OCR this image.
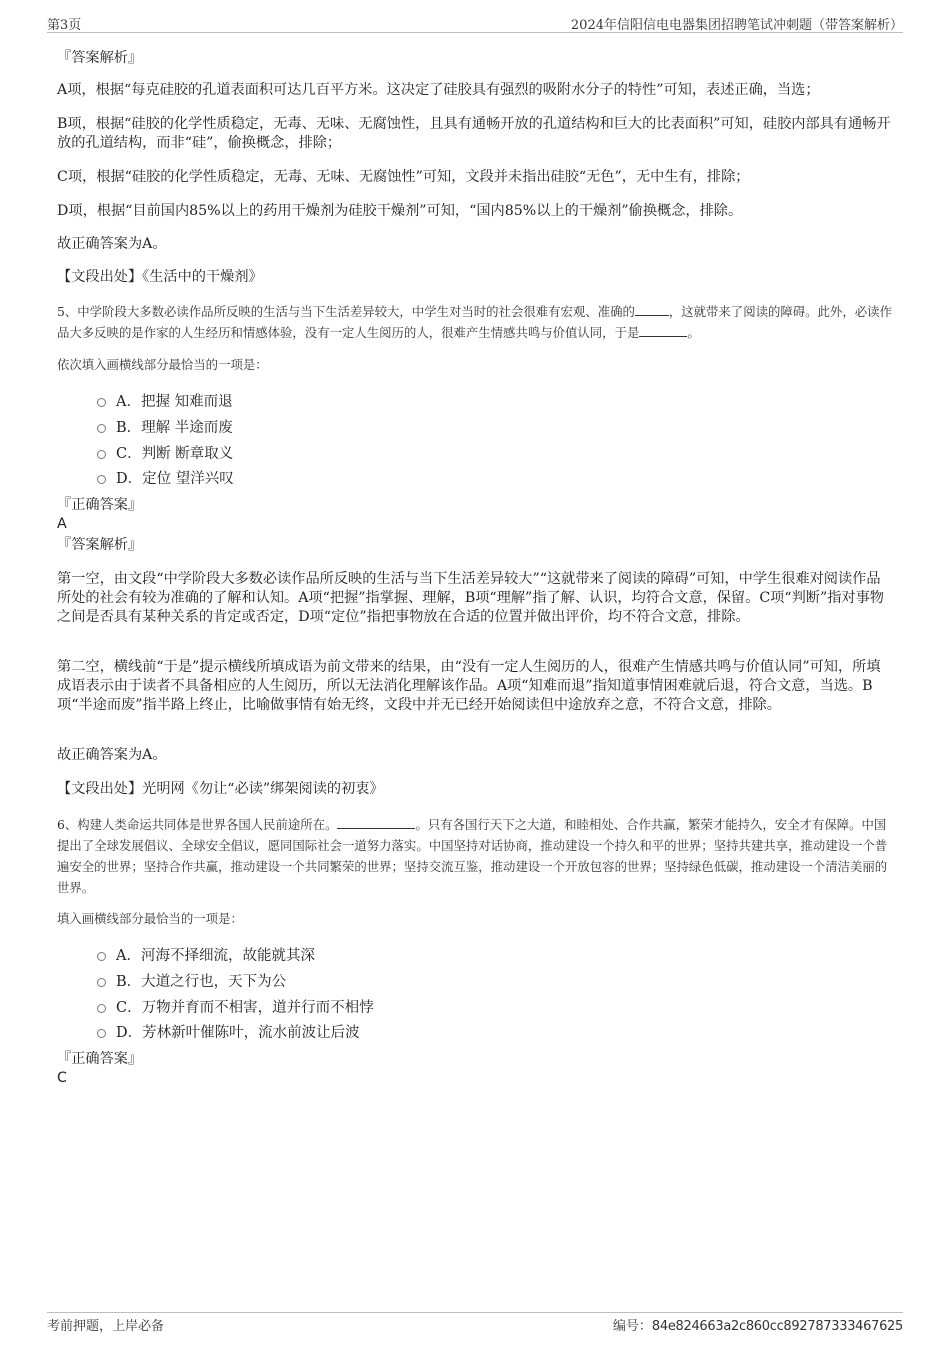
第3页	2024年信阳信电电器集团招聘笔试冲刺题（带答案解析）
『答案解析』
A项，根据“每克硅胶的孔道表面积可达几百平方米。这决定了硅胶具有强烈的吸附水分子的特性”可知，表述正确，当选；
B项，根据“硅胶的化学性质稳定，无毒、无味、无腐蚀性，且具有通畅开放的孔道结构和巨大的比表面积”可知，硅胶内部具有通畅开放的孔道结构，而非“硅”，偷换概念，排除；
C项，根据“硅胶的化学性质稳定，无毒、无味、无腐蚀性”可知，文段并未指出硅胶“无色”，无中生有，排除；
D项，根据“目前国内85%以上的药用干燥剂为硅胶干燥剂”可知，“国内85%以上的干燥剂”偷换概念，排除。
故正确答案为A。
【文段出处】《生活中的干燥剂》
5、中学阶段大多数必读作品所反映的生活与当下生活差异较大，中学生对当时的社会很难有宏观、准确的	，这就带来了阅读的障碍。此外，必读作品大多反映的是作家的人生经历和情感体验，没有一定人生阅历的人，很难产生情感共鸣与价值认同，于是	。
依次填入画横线部分最恰当的一项是：
A．把握 知难而退
B．理解 半途而废
C．判断 断章取义
D．定位 望洋兴叹
『正确答案』
A
『答案解析』
第一空，由文段“中学阶段大多数必读作品所反映的生活与当下生活差异较大”“这就带来了阅读的障碍”可知，中学生很难对阅读作品所处的社会有较为准确的了解和认知。A项“把握”指掌握、理解，B项“理解”指了解、认识，均符合文意，保留。C项“判断”指对事物之间是否具有某种关系的肯定或否定，D项“定位”指把事物放在合适的位置并做出评价，均不符合文意，排除。
第二空，横线前“于是”提示横线所填成语为前文带来的结果，由“没有一定人生阅历的人，很难产生情感共鸣与价值认同”可知，所填成语表示由于读者不具备相应的人生阅历，所以无法消化理解该作品。A项“知难而退”指知道事情困难就后退，符合文意，当选。B项“半途而废”指半路上终止，比喻做事情有始无终，文段中并无已经开始阅读但中途放弃之意，不符合文意，排除。
故正确答案为A。
【文段出处】光明网《勿让“必读”绑架阅读的初衷》
6、构建人类命运共同体是世界各国人民前途所在。	。只有各国行天下之大道，和睦相处、合作共赢，繁荣才能持久，安全才有保障。中国提出了全球发展倡议、全球安全倡议，愿同国际社会一道努力落实。中国坚持对话协商，推动建设一个持久和平的世界；坚持共建共享，推动建设一个普遍安全的世界；坚持合作共赢，推动建设一个共同繁荣的世界；坚持交流互鉴，推动建设一个开放包容的世界；坚持绿色低碳，推动建设一个清洁美丽的世界。
填入画横线部分最恰当的一项是：
A．河海不择细流，故能就其深
B．大道之行也，天下为公
C．万物并育而不相害，道并行而不相悖
D．芳林新叶催陈叶，流水前波让后波
『正确答案』
C
考前押题，上岸必备	编号：84e824663a2c860cc892787333467625
